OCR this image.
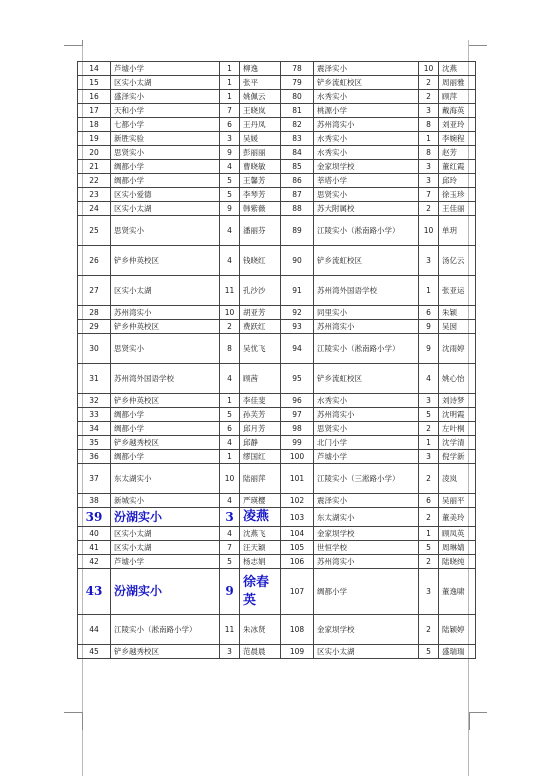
14	芦墟小学	1	柳逸	78	震泽实小	10	沈燕
15	区实小太湖	1	张平	79	铲乡流虹校区	2	周丽雅
16	盛泽实小	1	姚佩云	80	水秀实小	2	顾萍
17	天和小学	7	王晓岚	81	桃源小学	3	戴海英
18	七都小学	6	王丹凤	82	苏州湾实小	8	刘亚玲
19	新胜实验	3	吴媛	83	水秀实小	1	李婉程
20	思贤实小	9	彭丽丽	84	水秀实小	8	赵芳
21	绸都小学	4	曹晓敏	85	金家坝学校	3	董红霞
22	绸都小学	5	王馨芳	86	莘塔小学	3	邱玲
23	区实小爱德	5	李琴芳	87	思贤实小	7	徐玉珍
24	区实小太湖	9	韩紫薇	88	苏大附属校	2	王佳丽
25	思贤实小	4	潘丽芬	89	江陵实小（淞南路小学）	10	单玥
26	铲乡仲英校区	4	钱晓红	90	铲乡流虹校区	3	汤亿云
27	区实小太湖	11	孔沙沙	91	苏州湾外国语学校	1	张亚运
28	苏州湾实小	10	胡亚芳	92	同里实小	6	朱颖
29	铲乡仲英校区	2	费跃红	93	苏州湾实小	9	吴囡
30	思贤实小	8	吴忧飞	94	江陵实小（淞南路小学）	9	沈雨婷
31	苏州湾外国语学校	4	顾茜	95	铲乡流虹校区	4	姚心怡
32	铲乡仲英校区	1	李佳斐	96	水秀实小	3	刘诗梦
33	绸都小学	5	孙芙芳	97	苏州湾实小	5	沈明霞
34	绸都小学	6	邱月芳	98	思贤实小	2	左叶桐
35	铲乡越秀校区	4	邱静	99	北门小学	1	沈学清
36	绸都小学	1	缪国红	100	芦墟小学	3	倪学新
37	东太湖实小	10	陆丽萍	101	江陵实小（三淞路小学）	2	凌岚
38	新城实小	4	严瑛樱	102	震泽实小	6	吴丽平
39	汾湖实小	3	凌燕	103	东太湖实小	2	董美玲
40	区实小太湖	4	沈燕飞	104	金家坝学校	1	顾凤英
41	区实小太湖	7	汪天颖	105	世恒学校	5	周琳婧
42	芦墟小学	5	杨志娟	106	苏州湾实小	2	陆晓纯
43	汾湖实小	9	徐春英	107	绸都小学	3	董逸啸
44	江陵实小（淞南路小学）	11	朱冰贤	108	金家坝学校	2	陆颖婷
45	铲乡越秀校区	3	范晨晨	109	区实小太湖	5	盛瑞瑞
